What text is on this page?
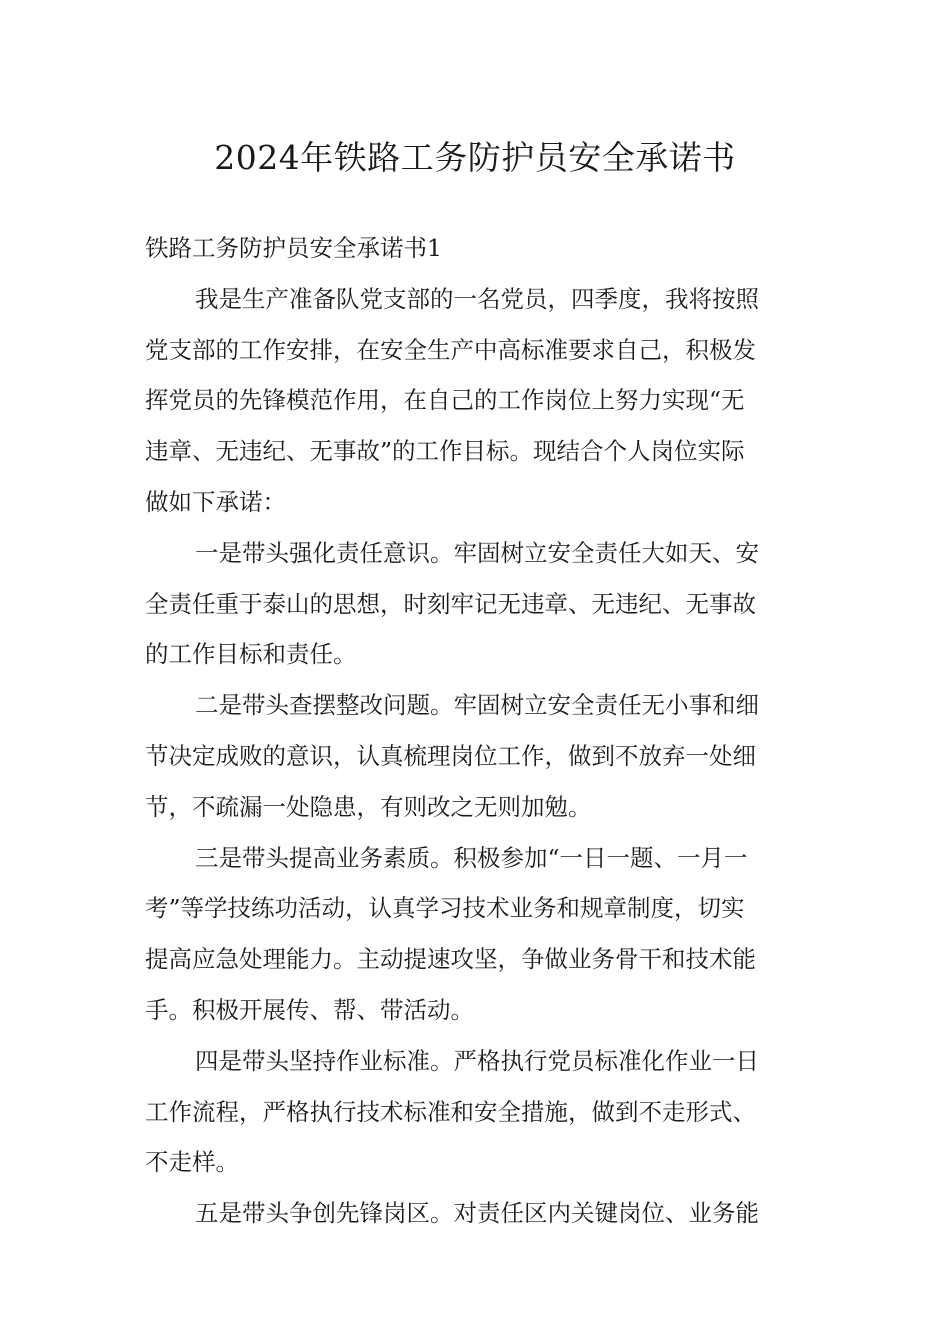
2024年铁路工务防护员安全承诺书

铁路工务防护员安全承诺书1

我是生产准备队党支部的一名党员，四季度，我将按照
党支部的工作安排，在安全生产中高标准要求自己，积极发
挥党员的先锋模范作用，在自己的工作岗位上努力实现“无
违章、无违纪、无事故”的工作目标。现结合个人岗位实际
做如下承诺：

一是带头强化责任意识。牢固树立安全责任大如天、安
全责任重于泰山的思想，时刻牢记无违章、无违纪、无事故
的工作目标和责任。

二是带头查摆整改问题。牢固树立安全责任无小事和细
节决定成败的意识，认真梳理岗位工作，做到不放弃一处细
节，不疏漏一处隐患，有则改之无则加勉。

三是带头提高业务素质。积极参加“一日一题、一月一
考”等学技练功活动，认真学习技术业务和规章制度，切实
提高应急处理能力。主动提速攻坚，争做业务骨干和技术能
手。积极开展传、帮、带活动。

四是带头坚持作业标准。严格执行党员标准化作业一日
工作流程，严格执行技术标准和安全措施，做到不走形式、
不走样。

五是带头争创先锋岗区。对责任区内关键岗位、业务能
